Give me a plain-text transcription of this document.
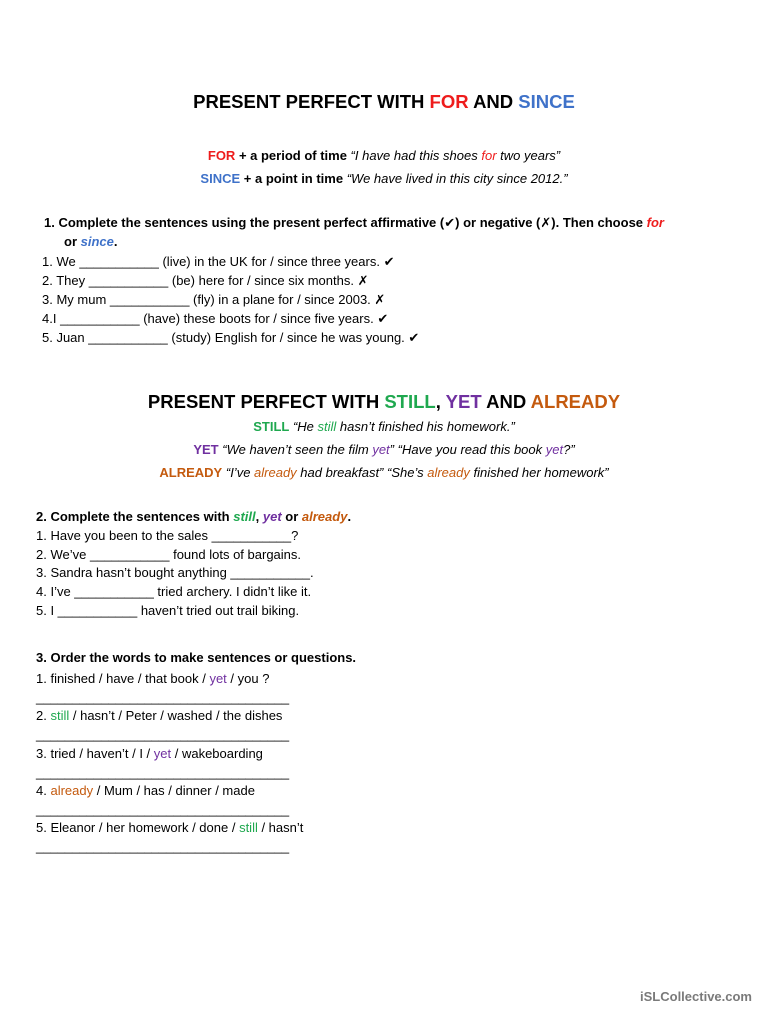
PRESENT PERFECT WITH FOR AND SINCE
FOR + a period of time “I have had this shoes for two years”
SINCE + a point in time “We have lived in this city since 2012.”
1. Complete the sentences using the present perfect affirmative (✔) or negative (✗). Then choose for
or since.
1. We ___________ (live) in the UK for / since three years. ✔
2. They ___________ (be) here for / since six months. ✗
3. My mum ___________ (fly) in a plane for / since 2003. ✗
4.I ___________ (have) these boots for / since five years. ✔
5. Juan ___________ (study) English for / since he was young. ✔
PRESENT PERFECT WITH STILL, YET AND ALREADY
STILL “He still hasn’t finished his homework.”
YET “We haven’t seen the film yet” “Have you read this book yet?”
ALREADY “I’ve already had breakfast” “She’s already finished her homework”
2. Complete the sentences with still, yet or already.
1. Have you been to the sales ___________?
2. We’ve ___________ found lots of bargains.
3. Sandra hasn’t bought anything ___________.
4. I’ve ___________ tried archery. I didn’t like it.
5. I ___________ haven’t tried out trail biking.
3. Order the words to make sentences or questions.
1. finished / have / that book / yet / you ?
___________________________________
2. still / hasn’t / Peter / washed / the dishes
___________________________________
3. tried / haven’t / I / yet / wakeboarding
___________________________________
4. already / Mum / has / dinner / made
___________________________________
5. Eleanor / her homework / done / still / hasn’t
___________________________________
iSLCollective.com
